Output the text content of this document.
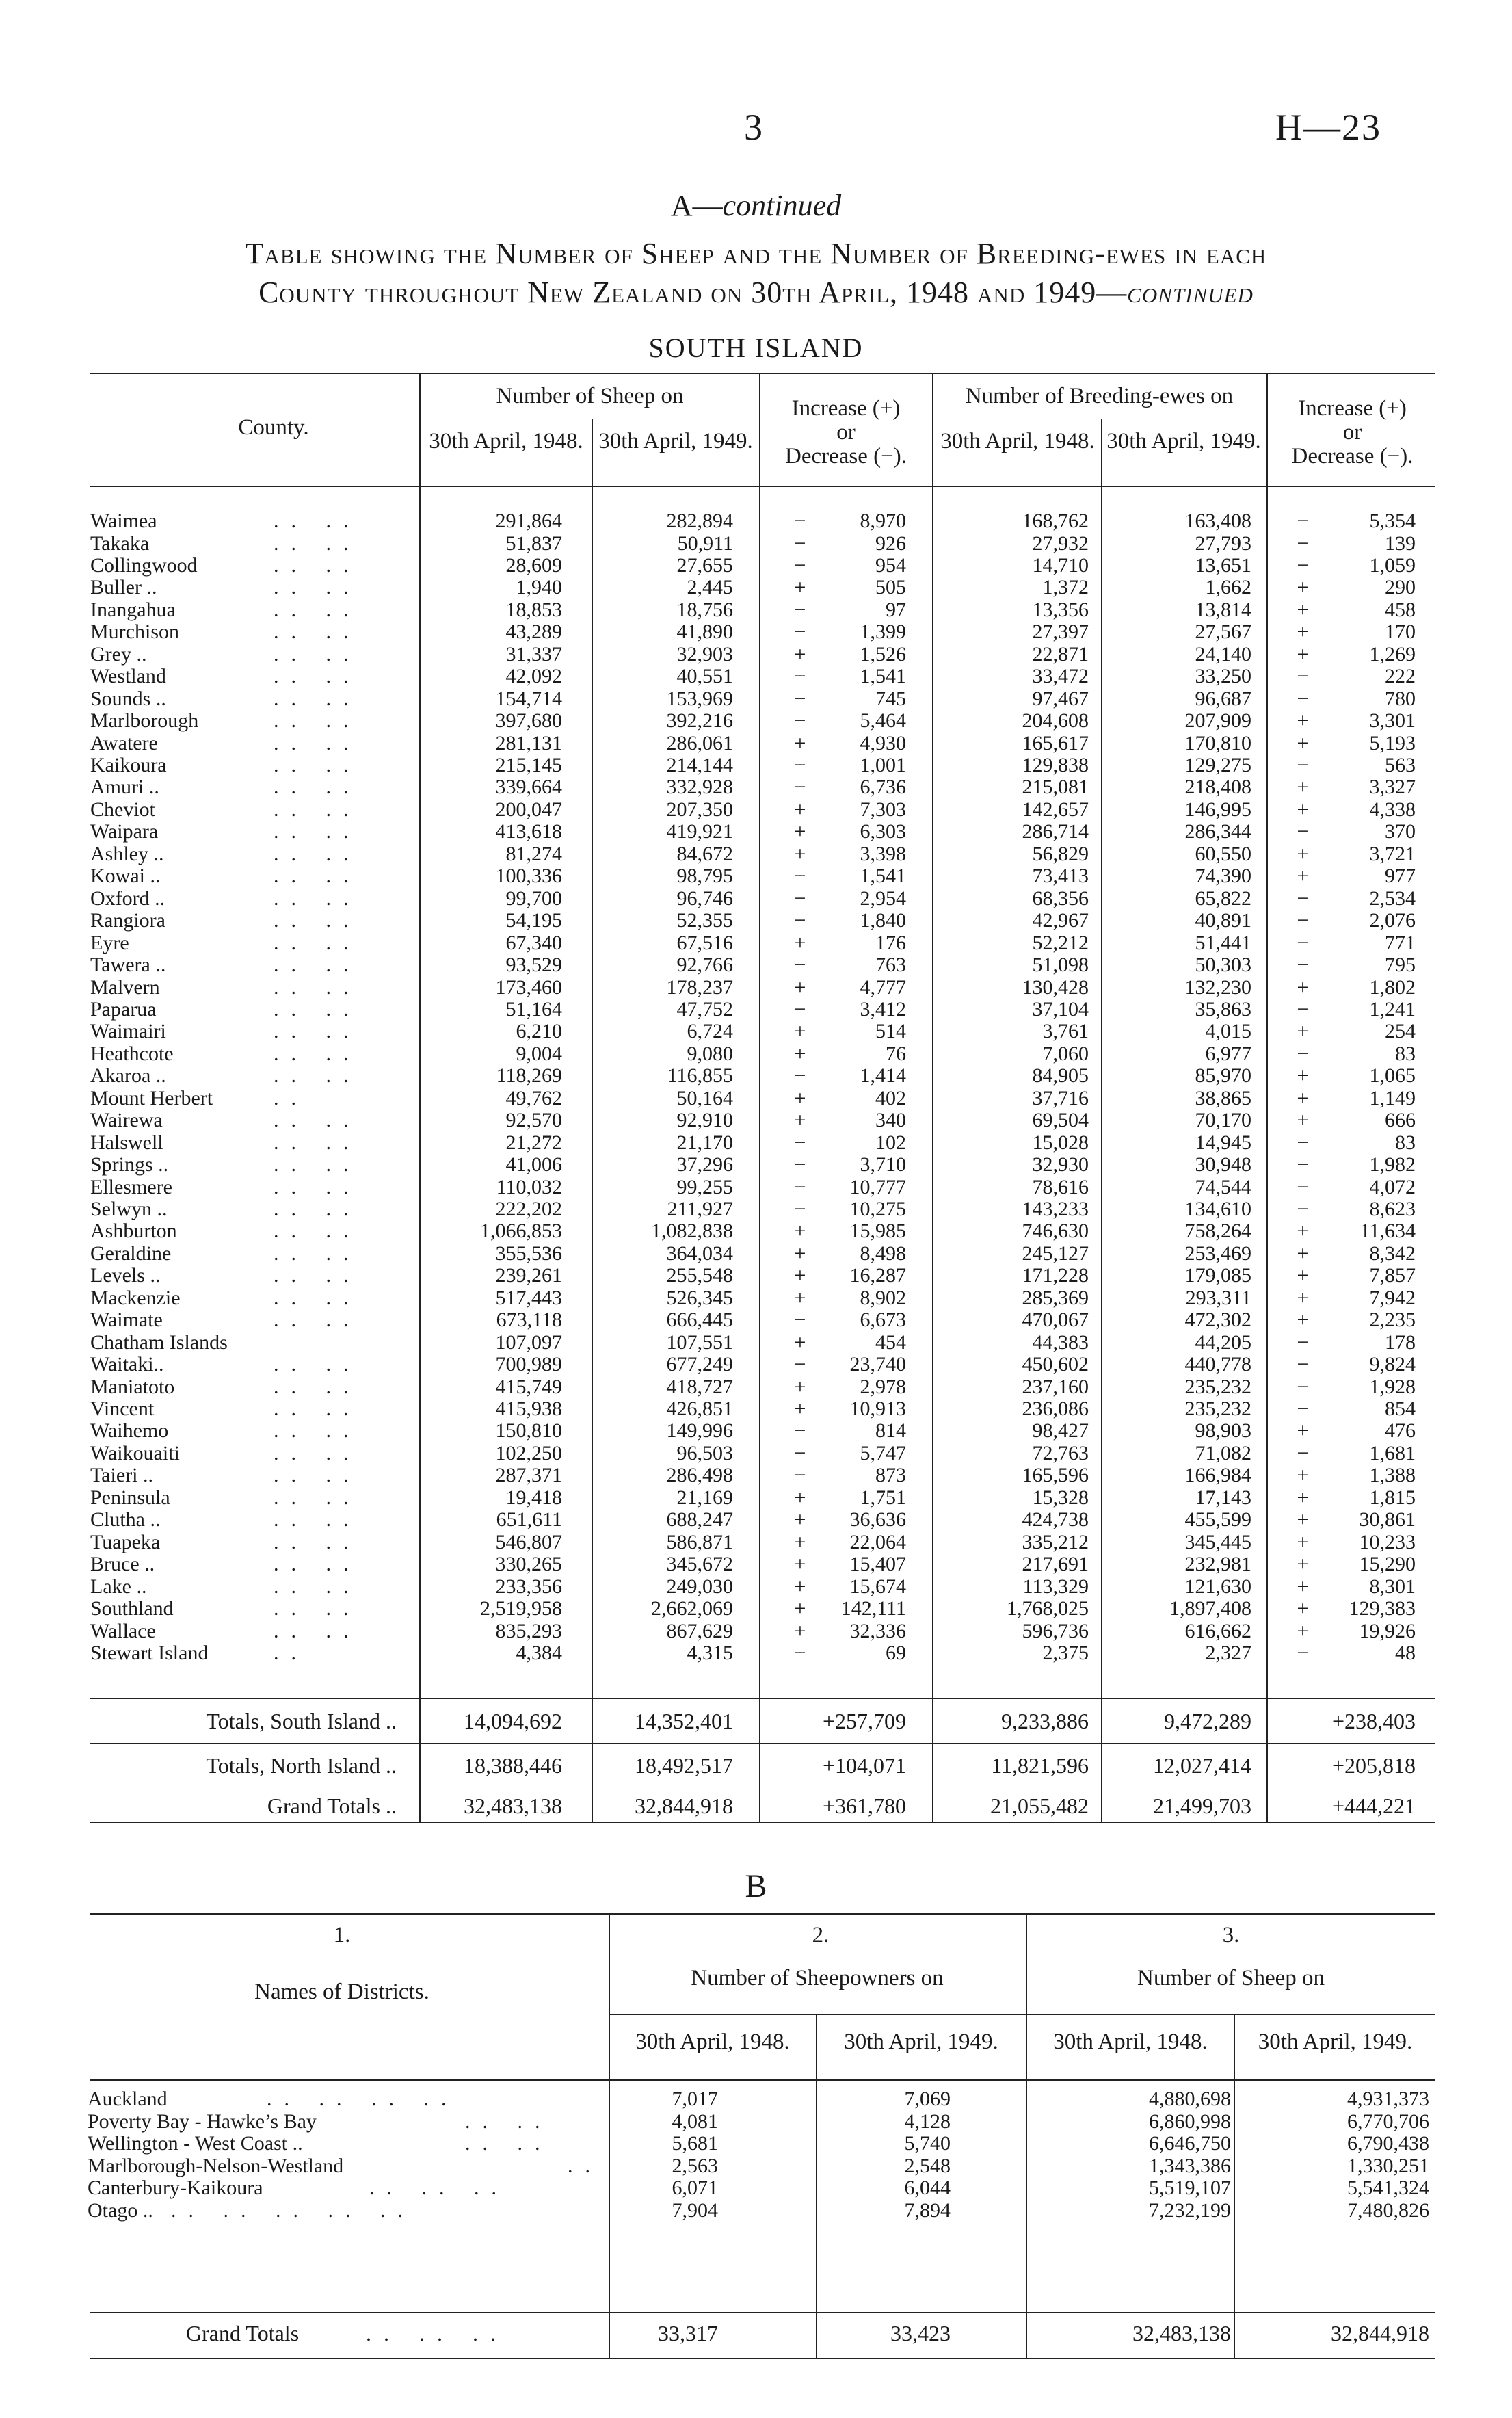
3	H—23
A—continued
Table showing the Number of Sheep and the Number of Breeding-ewes in each
County throughout New Zealand on 30th April, 1948 and 1949—continued
SOUTH ISLAND
County.
Number of Sheep on
30th April, 1948. 30th April, 1949.
Increase (+)
or
Decrease (−).
Number of Breeding-ewes on
30th April, 1948. 30th April, 1949.
Increase (+)
or
Decrease (−).
Waimea	.. ..	291,864	282,894	−	8,970	168,762	163,408 −	5,354
Takaka	.. ..	51,837	50,911	−	926	27,932	27,793 −	139
Collingwood	.. ..	28,609	27,655	−	954	14,710	13,651 −	1,059
Buller ..	.. ..	1,940	2,445	+	505	1,372	1,662 +	290
Inangahua	.. ..	18,853	18,756	−	97	13,356	13,814 +	458
Murchison	.. ..	43,289	41,890	−	1,399	27,397	27,567 +	170
Grey ..	.. ..	31,337	32,903	+	1,526	22,871	24,140 +	1,269
Westland	.. ..	42,092	40,551	−	1,541	33,472	33,250 −	222
Sounds ..	.. ..	154,714	153,969	−	745	97,467	96,687 −	780
Marlborough	.. ..	397,680	392,216	−	5,464	204,608	207,909 +	3,301
Awatere	.. ..	281,131	286,061	+	4,930	165,617	170,810 +	5,193
Kaikoura	.. ..	215,145	214,144	−	1,001	129,838	129,275 −	563
Amuri ..	.. ..	339,664	332,928	−	6,736	215,081	218,408 +	3,327
Cheviot	.. ..	200,047	207,350	+	7,303	142,657	146,995 +	4,338
Waipara	.. ..	413,618	419,921	+	6,303	286,714	286,344 −	370
Ashley ..	.. ..	81,274	84,672	+	3,398	56,829	60,550 +	3,721
Kowai ..	.. ..	100,336	98,795	−	1,541	73,413	74,390 +	977
Oxford ..	.. ..	99,700	96,746	−	2,954	68,356	65,822 −	2,534
Rangiora	.. ..	54,195	52,355	−	1,840	42,967	40,891 −	2,076
Eyre	.. ..	67,340	67,516	+	176	52,212	51,441 −	771
Tawera ..	.. ..	93,529	92,766	−	763	51,098	50,303 −	795
Malvern	.. ..	173,460	178,237	+	4,777	130,428	132,230 +	1,802
Paparua	.. ..	51,164	47,752	−	3,412	37,104	35,863 −	1,241
Waimairi	.. ..	6,210	6,724	+	514	3,761	4,015 +	254
Heathcote	.. ..	9,004	9,080	+	76	7,060	6,977 −	83
Akaroa ..	.. ..	118,269	116,855	−	1,414	84,905	85,970 +	1,065
Mount Herbert	..	49,762	50,164	+	402	37,716	38,865 +	1,149
Wairewa	.. ..	92,570	92,910	+	340	69,504	70,170 +	666
Halswell	.. ..	21,272	21,170	−	102	15,028	14,945 −	83
Springs ..	.. ..	41,006	37,296	−	3,710	32,930	30,948 −	1,982
Ellesmere	.. ..	110,032	99,255	−	10,777	78,616	74,544 −	4,072
Selwyn ..	.. ..	222,202	211,927	−	10,275	143,233	134,610 −	8,623
Ashburton	.. ..	1,066,853	1,082,838	+	15,985	746,630	758,264 +	11,634
Geraldine	.. ..	355,536	364,034	+	8,498	245,127	253,469 +	8,342
Levels ..	.. ..	239,261	255,548	+	16,287	171,228	179,085 +	7,857
Mackenzie	.. ..	517,443	526,345	+	8,902	285,369	293,311 +	7,942
Waimate	.. ..	673,118	666,445	−	6,673	470,067	472,302 +	2,235
Chatham Islands	107,097	107,551	+	454	44,383	44,205 −	178
Waitaki..	.. ..	700,989	677,249	−	23,740	450,602	440,778 −	9,824
Maniatoto	.. ..	415,749	418,727	+	2,978	237,160	235,232 −	1,928
Vincent	.. ..	415,938	426,851	+	10,913	236,086	235,232 −	854
Waihemo	.. ..	150,810	149,996	−	814	98,427	98,903 +	476
Waikouaiti	.. ..	102,250	96,503	−	5,747	72,763	71,082 −	1,681
Taieri ..	.. ..	287,371	286,498	−	873	165,596	166,984 +	1,388
Peninsula	.. ..	19,418	21,169	+	1,751	15,328	17,143 +	1,815
Clutha ..	.. ..	651,611	688,247	+	36,636	424,738	455,599 +	30,861
Tuapeka	.. ..	546,807	586,871	+	22,064	335,212	345,445 +	10,233
Bruce ..	.. ..	330,265	345,672	+	15,407	217,691	232,981 +	15,290
Lake ..	.. ..	233,356	249,030	+	15,674	113,329	121,630 +	8,301
Southland	.. ..	2,519,958	2,662,069	+	142,111	1,768,025	1,897,408 +	129,383
Wallace	.. ..	835,293	867,629	+	32,336	596,736	616,662 +	19,926
Stewart Island	..	4,384	4,315	−	69	2,375	2,327 −	48
Totals, South Island ..	14,094,692	14,352,401	+257,709	9,233,886	9,472,289	+238,403
Totals, North Island ..	18,388,446	18,492,517	+104,071	11,821,596	12,027,414	+205,818
Grand Totals ..	32,483,138	32,844,918	+361,780	21,055,482	21,499,703	+444,221
B
1.
Names of Districts.
2.
Number of Sheepowners on
3.
Number of Sheep on
30th April, 1948.	30th April, 1949.	30th April, 1948.	30th April, 1949.
Auckland	.. .. .. ..	7,017	7,069	4,880,698	4,931,373
Poverty Bay - Hawke’s Bay	.. ..	4,081	4,128	6,860,998	6,770,706
Wellington - West Coast ..	.. ..	5,681	5,740	6,646,750	6,790,438
Marlborough-Nelson-Westland	..	2,563	2,548	1,343,386	1,330,251
Canterbury-Kaikoura	.. .. ..	6,071	6,044	5,519,107	5,541,324
Otago .. .. .. .. .. ..	7,904	7,894	7,232,199	7,480,826
Grand Totals	.. .. ..	33,317	33,423	32,483,138	32,844,918
